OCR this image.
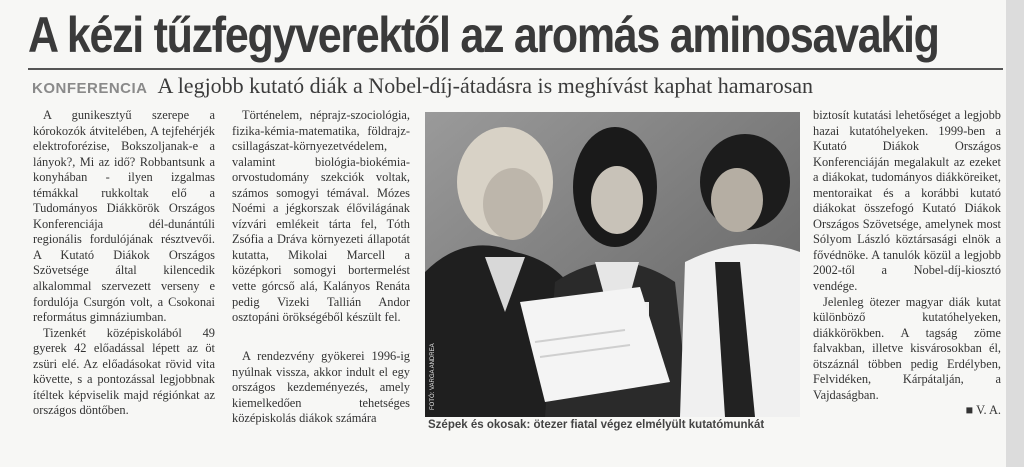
A kézi tűzfegyverektől az aromás aminosavakig
KONFERENCIA A legjobb kutató diák a Nobel-díj-átadásra is meghívást kaphat hamarosan

A gunikesztyű szerepe a kórokozók átvitelében, A tejfehérjék elektroforézise, Bokszoljanak-e a lányok?, Mi az idő? Robbantsunk a konyhában - ilyen izgalmas témákkal rukkoltak elő a Tudományos Diákkörök Országos Konferenciája dél-dunántúli regionális fordulójának résztvevői. A Kutató Diákok Országos Szövetsége által kilencedik alkalommal szervezett verseny e fordulója Csurgón volt, a Csokonai református gimnáziumban.

Tizenkét középiskolából 49 gyerek 42 előadással lépett az öt zsüri elé. Az előadásokat rövid vita követte, s a pontozással legjobbnak ítéltek képviselik majd régiónkat az országos döntőben.

Történelem, néprajz-szociológia, fizika-kémia-matematika, földrajz-csillagászat-környezetvédelem, valamint biológia-biokémia-orvostudomány szekciók voltak, számos somogyi témával. Mózes Noémi a jégkorszak élővilágának vízvári emlékeit tárta fel, Tóth Zsófia a Dráva környezeti állapotát kutatta, Mikolai Marcell a középkori somogyi bortermelést vette górcső alá, Kalányos Renáta pedig Vizeki Tallián Andor osztopáni örökségéből készült fel.

A rendezvény gyökerei 1996-ig nyúlnak vissza, akkor indult el egy országos kezdeményezés, amely kiemelkedően tehetséges középiskolás diákok számára

FOTÓ: VARGA ANDREA
Szépek és okosak: ötezer fiatal végez elmélyült kutatómunkát

biztosít kutatási lehetőséget a legjobb hazai kutatóhelyeken. 1999-ben a Kutató Diákok Országos Konferenciáján megalakult az ezeket a diákokat, tudományos diákköreiket, mentoraikat és a korábbi kutató diákokat összefogó Kutató Diákok Országos Szövetsége, amelynek most Sólyom László köztársasági elnök a fővédnöke. A tanulók közül a legjobb 2002-től a Nobel-díj-kiosztó vendége.

Jelenleg ötezer magyar diák kutat különböző kutatóhelyeken, diákkörökben. A tagság zöme falvakban, illetve kisvárosokban él, ötszáznál többen pedig Erdélyben, Felvidéken, Kárpátalján, a Vajdaságban.

■ V. A.
